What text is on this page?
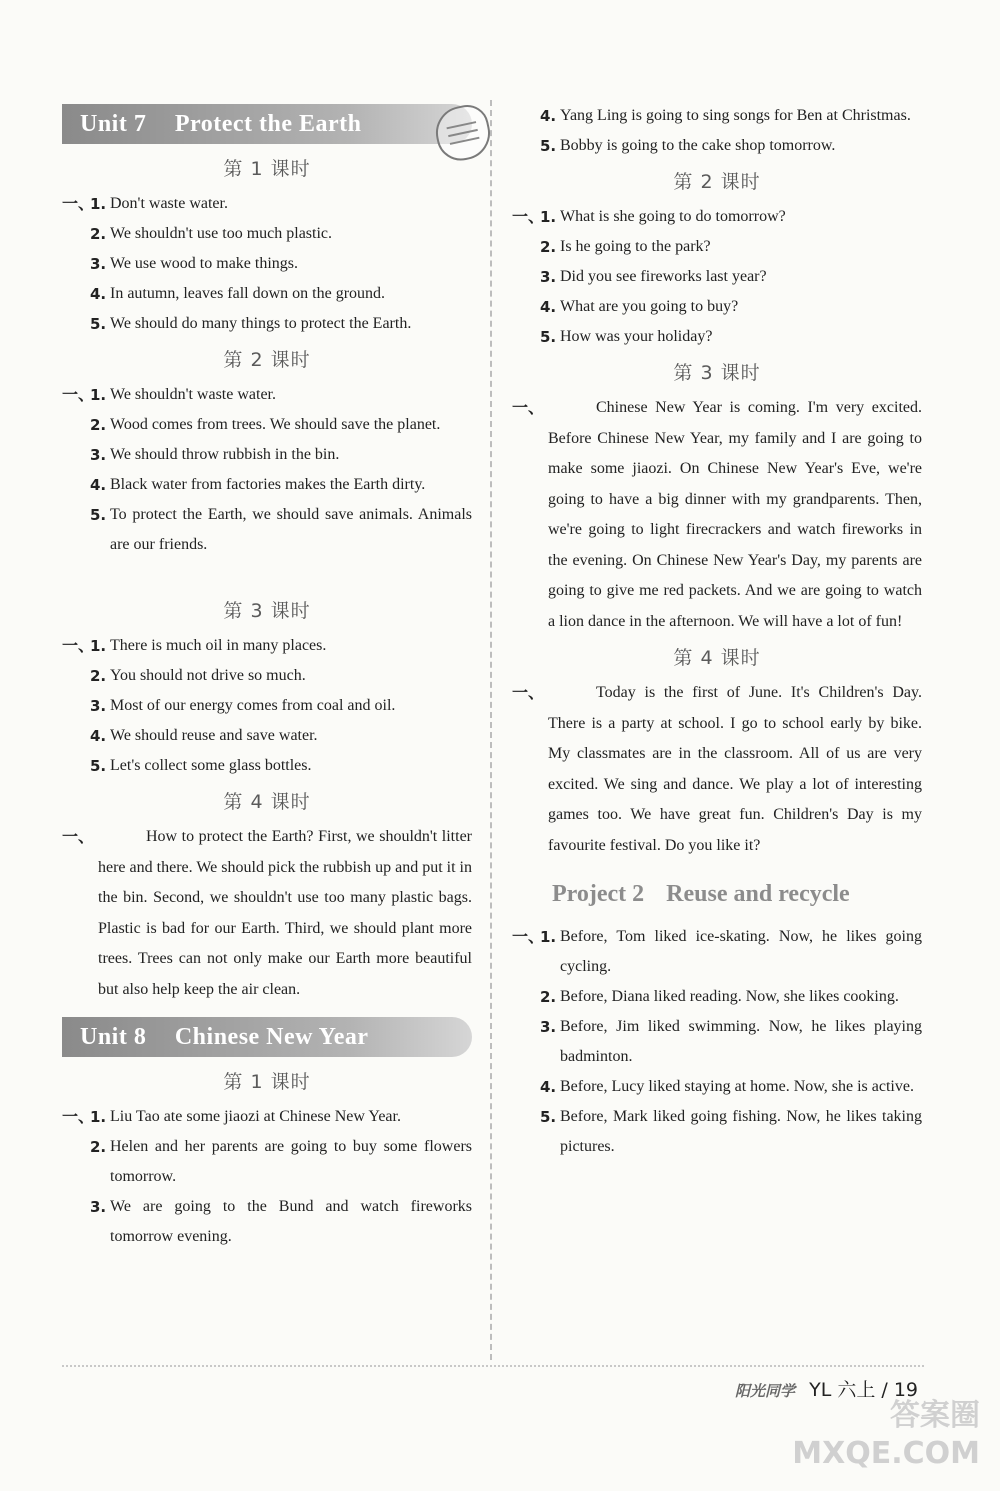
Unit 7 Protect the Earth
第 1 课时
一、
1. Don't waste water.
2. We shouldn't use too much plastic.
3. We use wood to make things.
4. In autumn, leaves fall down on the ground.
5. We should do many things to protect the Earth.
第 2 课时
一、
1. We shouldn't waste water.
2. Wood comes from trees. We should save the planet.
3. We should throw rubbish in the bin.
4. Black water from factories makes the Earth dirty.
5. To protect the Earth, we should save animals. Animals are our friends.
第 3 课时
一、
1. There is much oil in many places.
2. You should not drive so much.
3. Most of our energy comes from coal and oil.
4. We should reuse and save water.
5. Let's collect some glass bottles.
第 4 课时
一、	How to protect the Earth? First, we shouldn't litter here and there. We should pick the rubbish up and put it in the bin. Second, we shouldn't use too many plastic bags. Plastic is bad for our Earth. Third, we should plant more trees. Trees can not only make our Earth more beautiful but also help keep the air clean.
Unit 8 Chinese New Year
第 1 课时
一、
1. Liu Tao ate some jiaozi at Chinese New Year.
2. Helen and her parents are going to buy some flowers tomorrow.
3. We are going to the Bund and watch fireworks tomorrow evening.
4. Yang Ling is going to sing songs for Ben at Christmas.
5. Bobby is going to the cake shop tomorrow.
第 2 课时
一、
1. What is she going to do tomorrow?
2. Is he going to the park?
3. Did you see fireworks last year?
4. What are you going to buy?
5. How was your holiday?
第 3 课时
一、	Chinese New Year is coming. I'm very excited. Before Chinese New Year, my family and I are going to make some jiaozi. On Chinese New Year's Eve, we're going to have a big dinner with my grandparents. Then, we're going to light firecrackers and watch fireworks in the evening. On Chinese New Year's Day, my parents are going to give me red packets. And we are going to watch a lion dance in the afternoon. We will have a lot of fun!
第 4 课时
一、	Today is the first of June. It's Children's Day. There is a party at school. I go to school early by bike. My classmates are in the classroom. All of us are very excited. We sing and dance. We play a lot of interesting games too. We have great fun. Children's Day is my favourite festival. Do you like it?
Project 2 Reuse and recycle
一、
1. Before, Tom liked ice-skating. Now, he likes going cycling.
2. Before, Diana liked reading. Now, she likes cooking.
3. Before, Jim liked swimming. Now, he likes playing badminton.
4. Before, Lucy liked staying at home. Now, she is active.
5. Before, Mark liked going fishing. Now, he likes taking pictures.
阳光同学 YL 六上 / 19
答案圈
MXQE.COM
